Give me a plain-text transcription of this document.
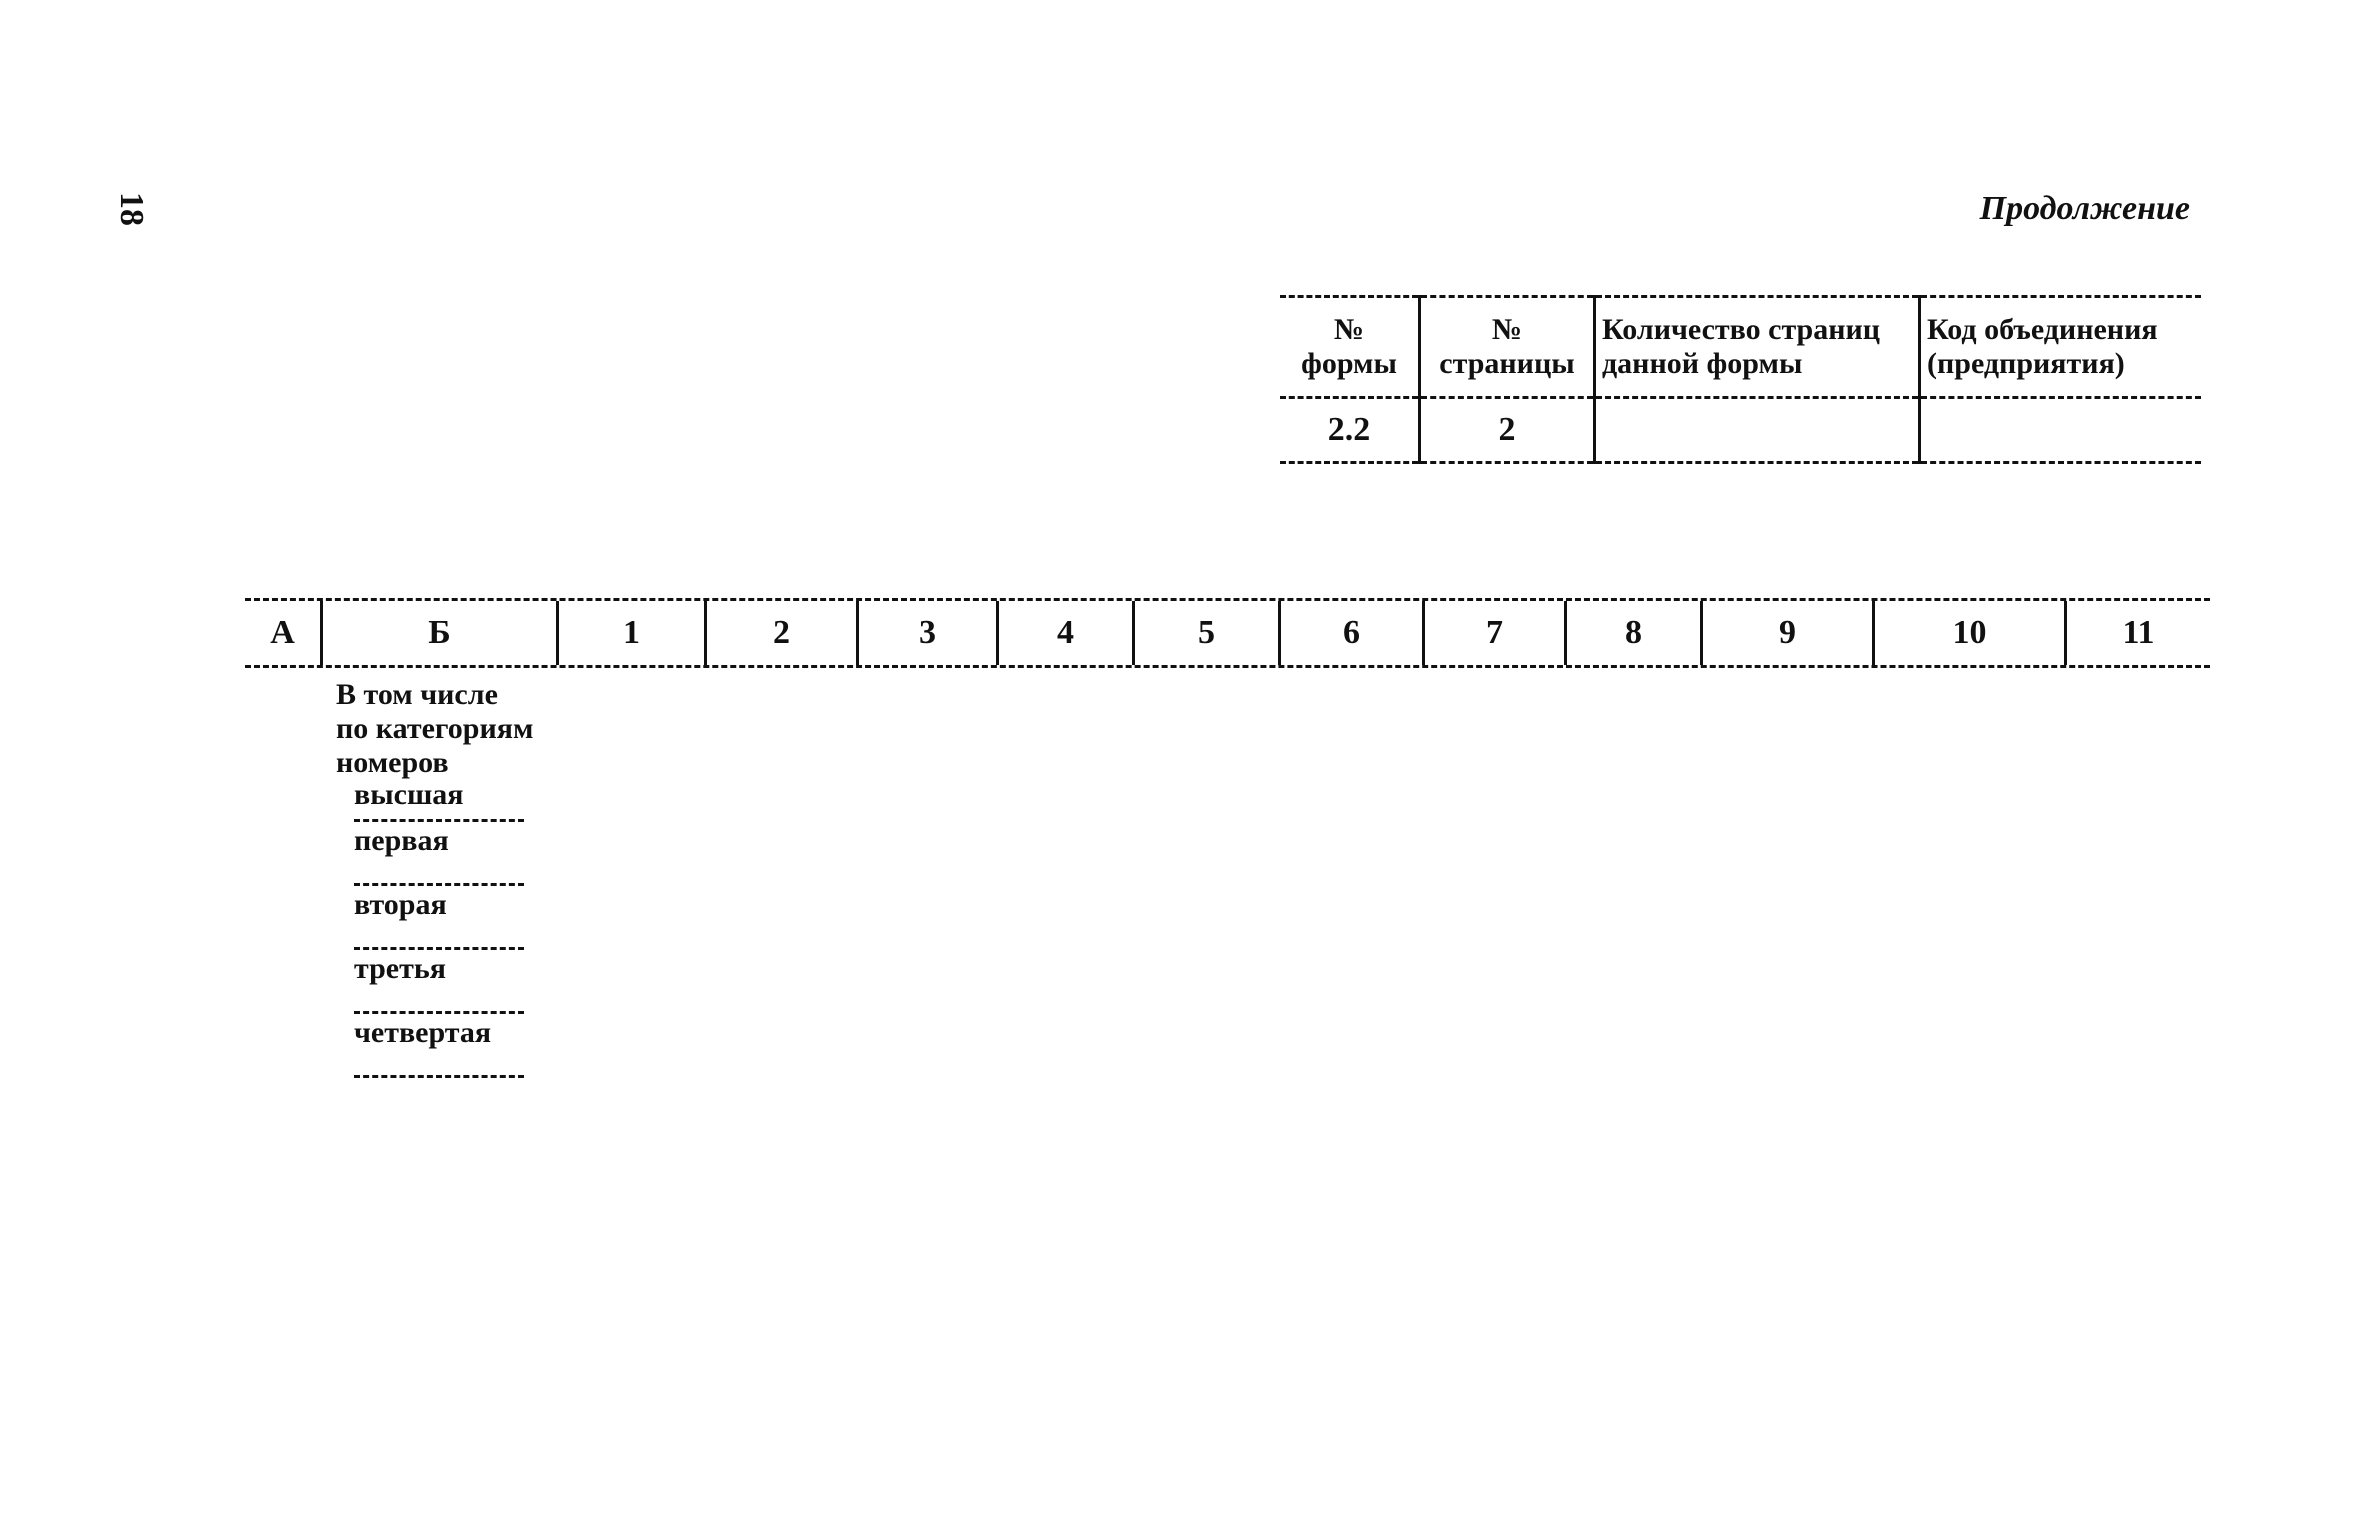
18	Продолжение
№ формы	№ страницы	Количество страниц данной формы	Код объединения (предприятия)
2.2	2		
А	Б	1	2	3	4	5	6	7	8	9	10	11
В том числе по категориям номеров
высшая
первая
вторая
третья
четвертая
